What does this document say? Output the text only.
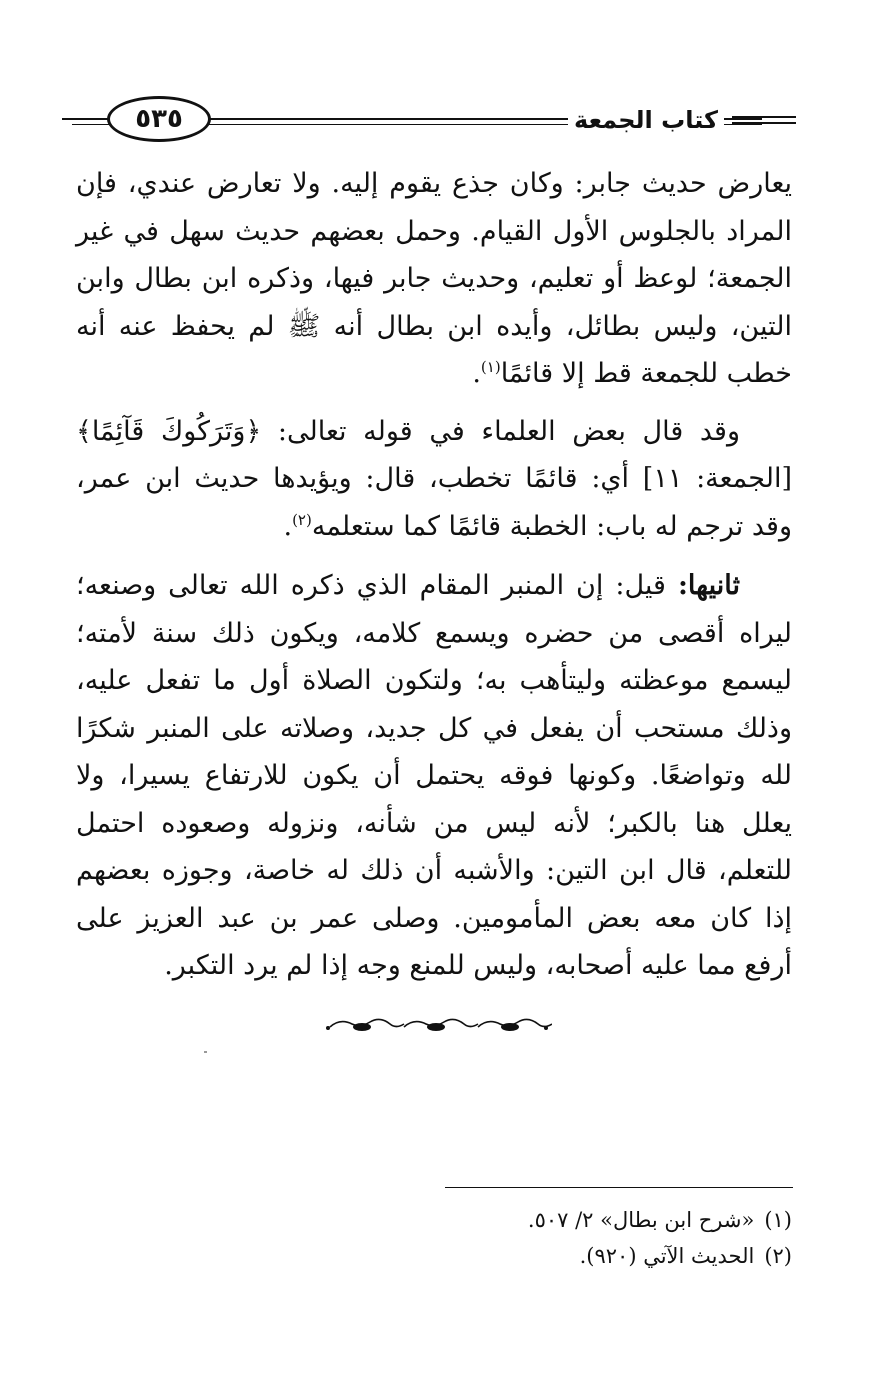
٥٣٥	كتاب الجمعة

يعارض حديث جابر: وكان جذع يقوم إليه. ولا تعارض عندي، فإن المراد بالجلوس الأول القيام. وحمل بعضهم حديث سهل في غير الجمعة؛ لوعظ أو تعليم، وحديث جابر فيها، وذكره ابن بطال وابن التين، وليس بطائل، وأيده ابن بطال أنه ﷺ لم يحفظ عنه أنه خطب للجمعة قط إلا قائمًا$^{(١)}$.

وقد قال بعض العلماء في قوله تعالى: ﴿وَتَرَكُوكَ قَآئِمًا﴾ [الجمعة: ١١] أي: قائمًا تخطب، قال: ويؤيدها حديث ابن عمر، وقد ترجم له باب: الخطبة قائمًا كما ستعلمه$^{(٢)}$.

ثانيها: قيل: إن المنبر المقام الذي ذكره الله تعالى وصنعه؛ ليراه أقصى من حضره ويسمع كلامه، ويكون ذلك سنة لأمته؛ ليسمع موعظته وليتأهب به؛ ولتكون الصلاة أول ما تفعل عليه، وذلك مستحب أن يفعل في كل جديد، وصلاته على المنبر شكرًا لله وتواضعًا. وكونها فوقه يحتمل أن يكون للارتفاع يسيرا، ولا يعلل هنا بالكبر؛ لأنه ليس من شأنه، ونزوله وصعوده احتمل للتعلم، قال ابن التين: والأشبه أن ذلك له خاصة، وجوزه بعضهم إذا كان معه بعض المأمومين. وصلى عمر بن عبد العزيز على أرفع مما عليه أصحابه، وليس للمنع وجه إذا لم يرد التكبر.

(١)«شرح ابن بطال» ٢/ ٥٠٧.
(٢)الحديث الآتي (٩٢٠).
